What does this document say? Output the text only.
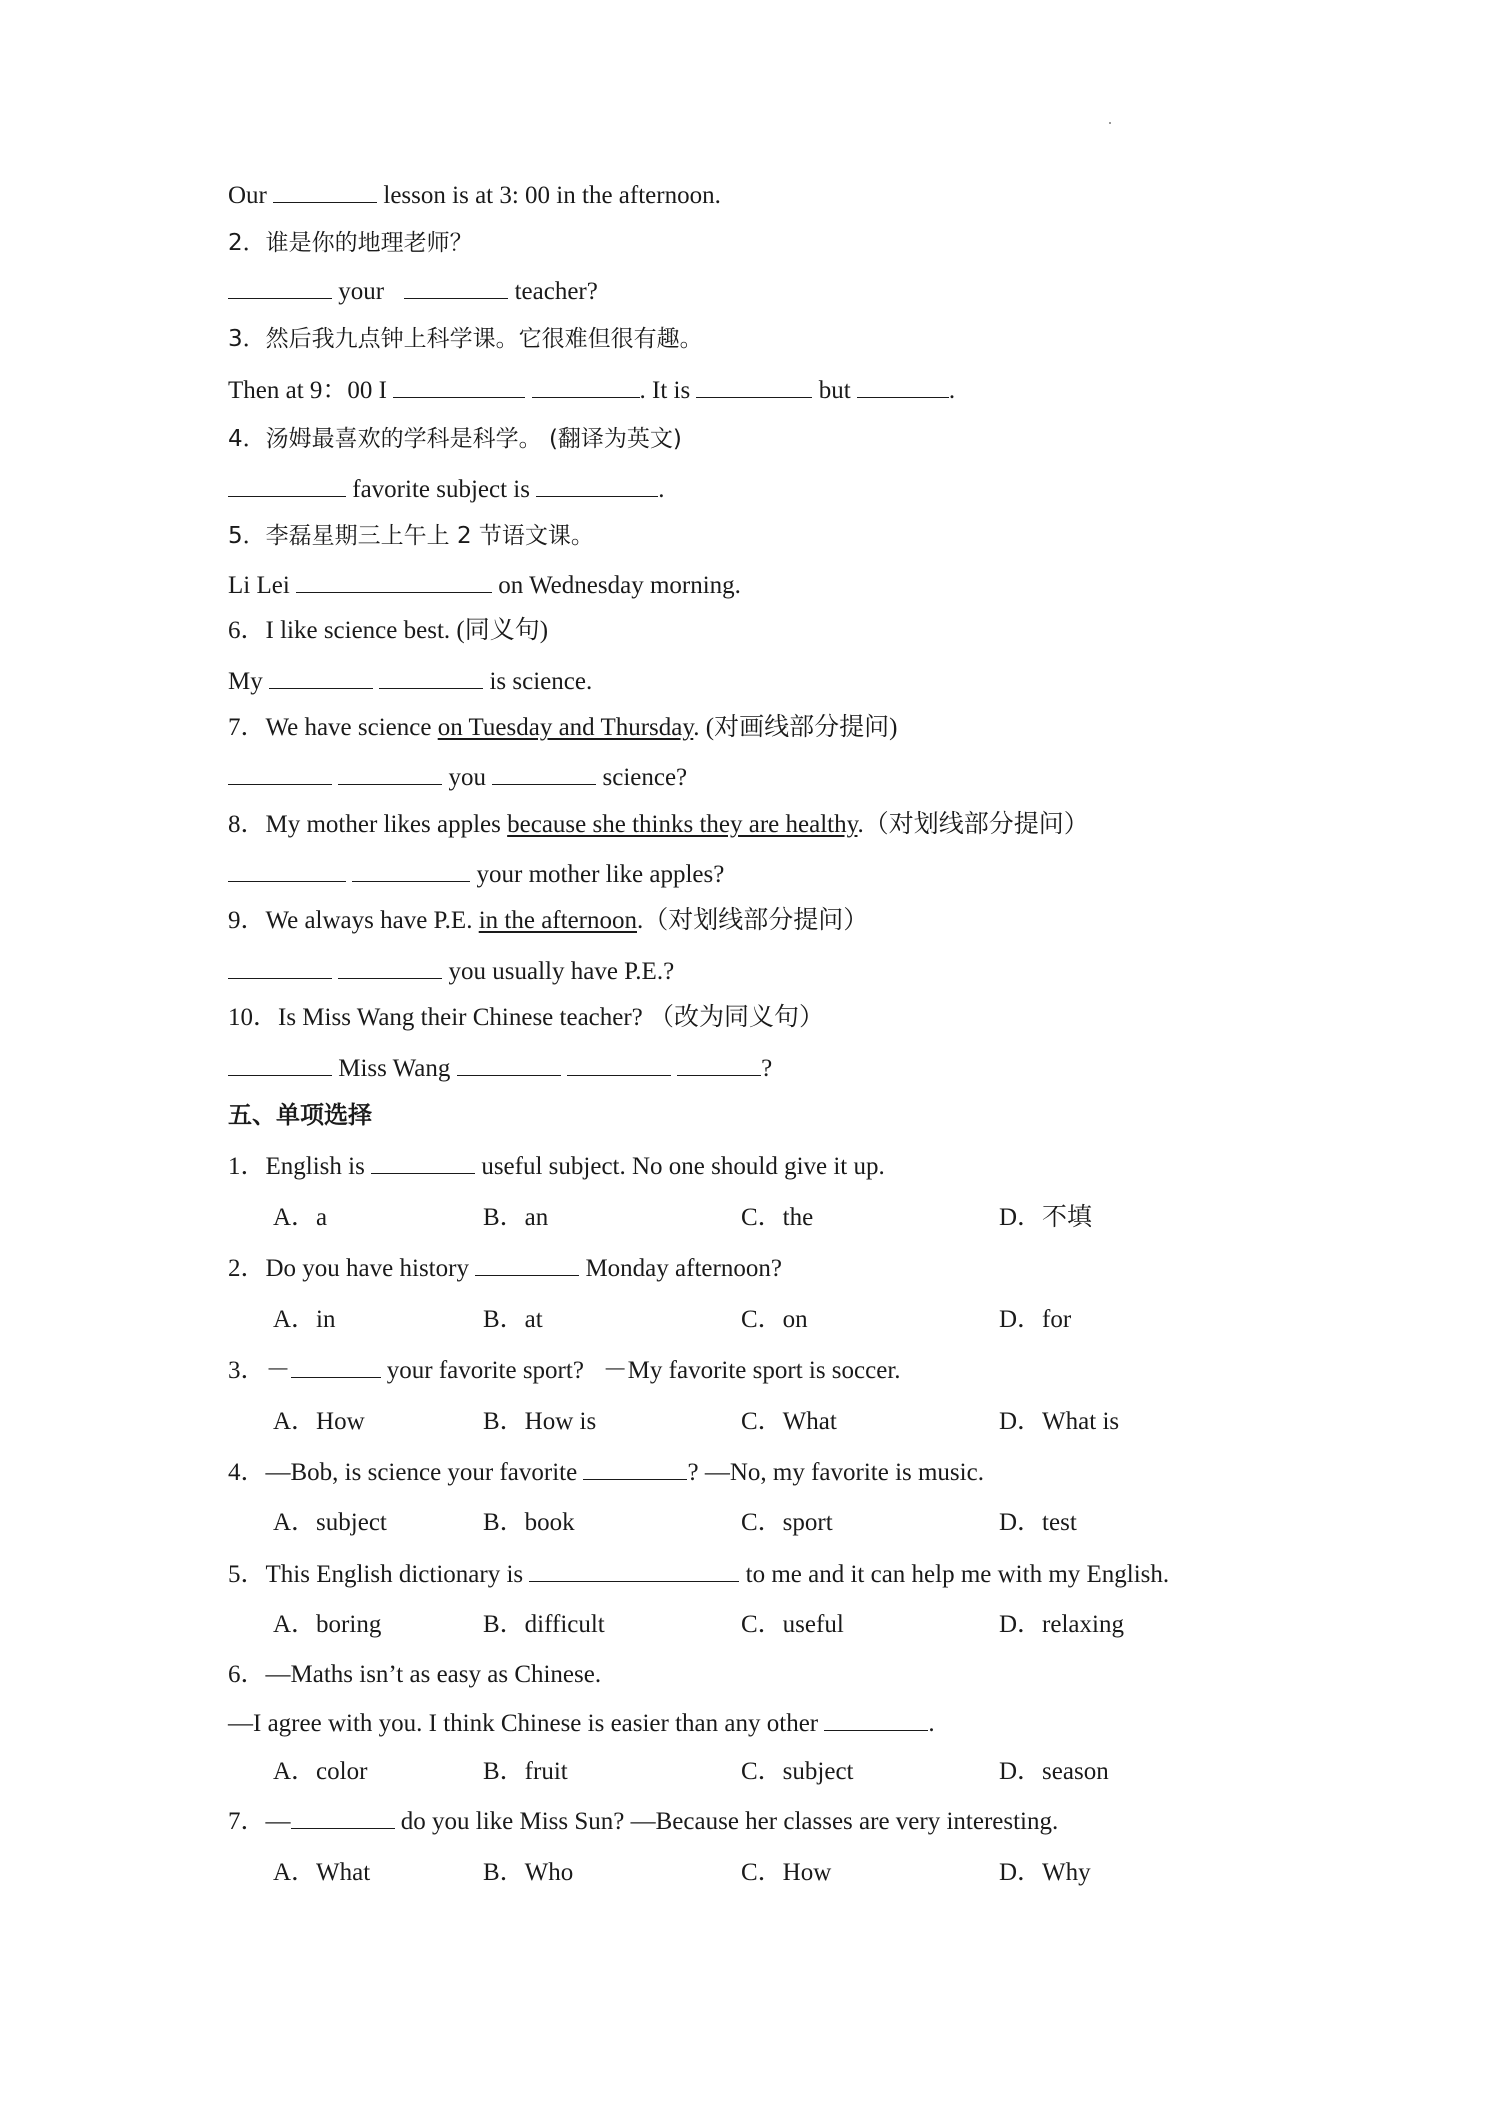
Our	lesson is at 3: 00 in the afternoon.
2．谁是你的地理老师？
your	teacher?
3．然后我九点钟上科学课。它很难但很有趣。
Then at 9：00 I	. It is	but	.
4．汤姆最喜欢的学科是科学。 (翻译为英文)
favorite subject is	.
5．李磊星期三上午上 2 节语文课。
Li Lei	on Wednesday morning.
6．I like science best. (同义句)
My	is science.
7．We have science on Tuesday and Thursday. (对画线部分提问)
you	science?
8．My mother likes apples because she thinks they are healthy.（对划线部分提问）
your mother like apples?
9．We always have P.E. in the afternoon.（对划线部分提问）
you usually have P.E.?
10．Is Miss Wang their Chinese teacher? （改为同义句）
Miss Wang	?
五、单项选择
1．English is	useful subject. No one should give it up.
A．a	B．an	C．the	D．不填
2．Do you have history	Monday afternoon?
A．in	B．at	C．on	D．for
3．－	your favorite sport?   －My favorite sport is soccer.
A．How	B．How is	C．What	D．What is
4．—Bob, is science your favorite	? —No, my favorite is music.
A．subject	B．book	C．sport	D．test
5．This English dictionary is	to me and it can help me with my English.
A．boring	B．difficult	C．useful	D．relaxing
6．—Maths isn’t as easy as Chinese.
—I agree with you. I think Chinese is easier than any other	.
A．color	B．fruit	C．subject	D．season
7．—	do you like Miss Sun? —Because her classes are very interesting.
A．What	B．Who	C．How	D．Why
